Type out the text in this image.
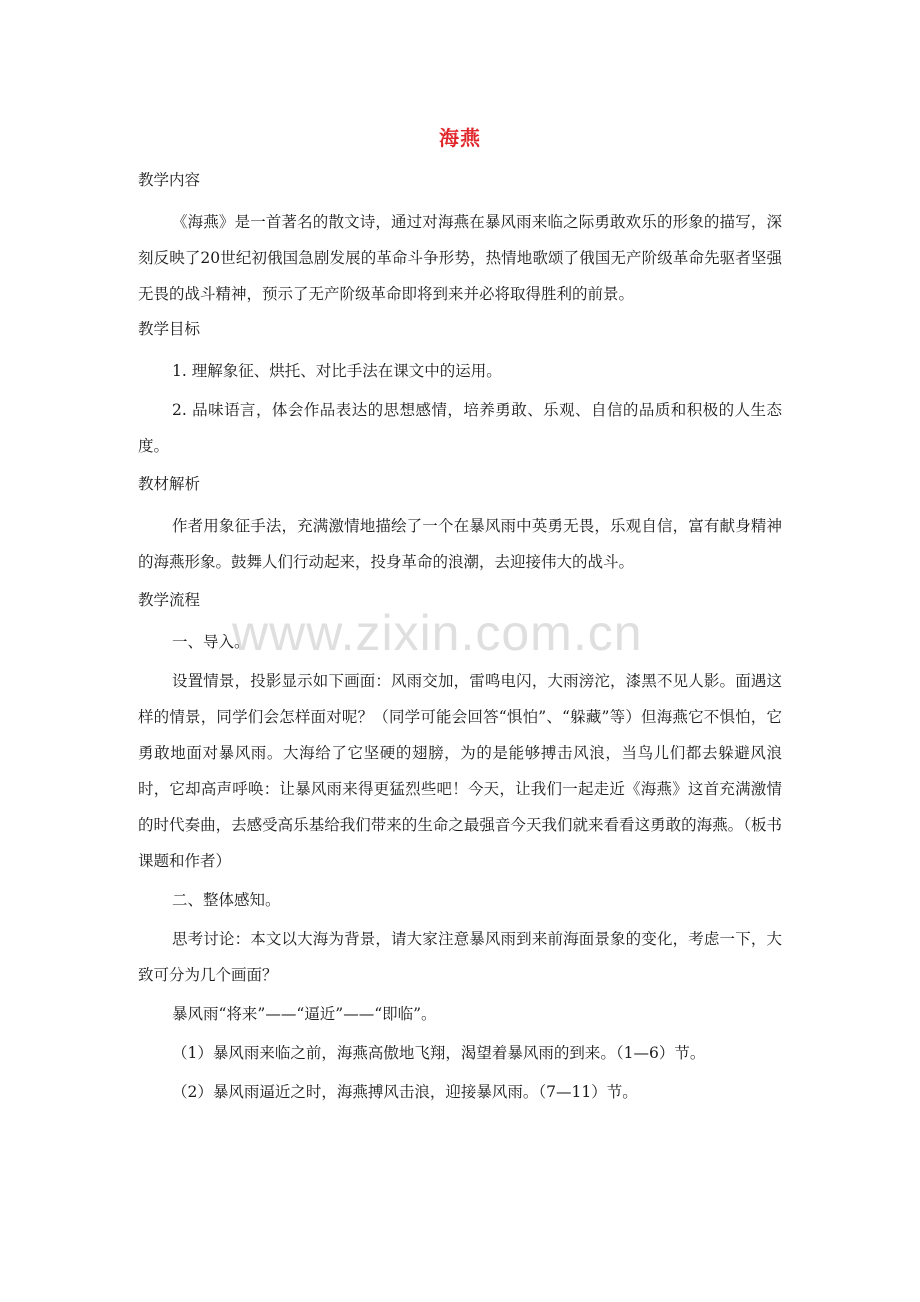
海燕
www.zixin.com.cn
教学内容

《海燕》是一首著名的散文诗，通过对海燕在暴风雨来临之际勇敢欢乐的形象的描写，深刻反映了20世纪初俄国急剧发展的革命斗争形势，热情地歌颂了俄国无产阶级革命先驱者坚强无畏的战斗精神，预示了无产阶级革命即将到来并必将取得胜利的前景。

教学目标

1. 理解象征、烘托、对比手法在课文中的运用。

2. 品味语言，体会作品表达的思想感情，培养勇敢、乐观、自信的品质和积极的人生态度。

教材解析

作者用象征手法，充满激情地描绘了一个在暴风雨中英勇无畏，乐观自信，富有献身精神的海燕形象。鼓舞人们行动起来，投身革命的浪潮，去迎接伟大的战斗。

教学流程

一、导入。

设置情景，投影显示如下画面：风雨交加，雷鸣电闪，大雨滂沱，漆黑不见人影。面遇这样的情景，同学们会怎样面对呢？（同学可能会回答“惧怕”、“躲藏”等）但海燕它不惧怕，它勇敢地面对暴风雨。大海给了它坚硬的翅膀，为的是能够搏击风浪，当鸟儿们都去躲避风浪时，它却高声呼唤：让暴风雨来得更猛烈些吧！今天，让我们一起走近《海燕》这首充满激情的时代奏曲，去感受高乐基给我们带来的生命之最强音今天我们就来看看这勇敢的海燕。（板书课题和作者）

二、整体感知。

思考讨论：本文以大海为背景，请大家注意暴风雨到来前海面景象的变化，考虑一下，大致可分为几个画面？

暴风雨“将来”——“逼近”——“即临”。

（1）暴风雨来临之前，海燕高傲地飞翔，渴望着暴风雨的到来。（1—6）节。

（2）暴风雨逼近之时，海燕搏风击浪，迎接暴风雨。（7—11）节。
